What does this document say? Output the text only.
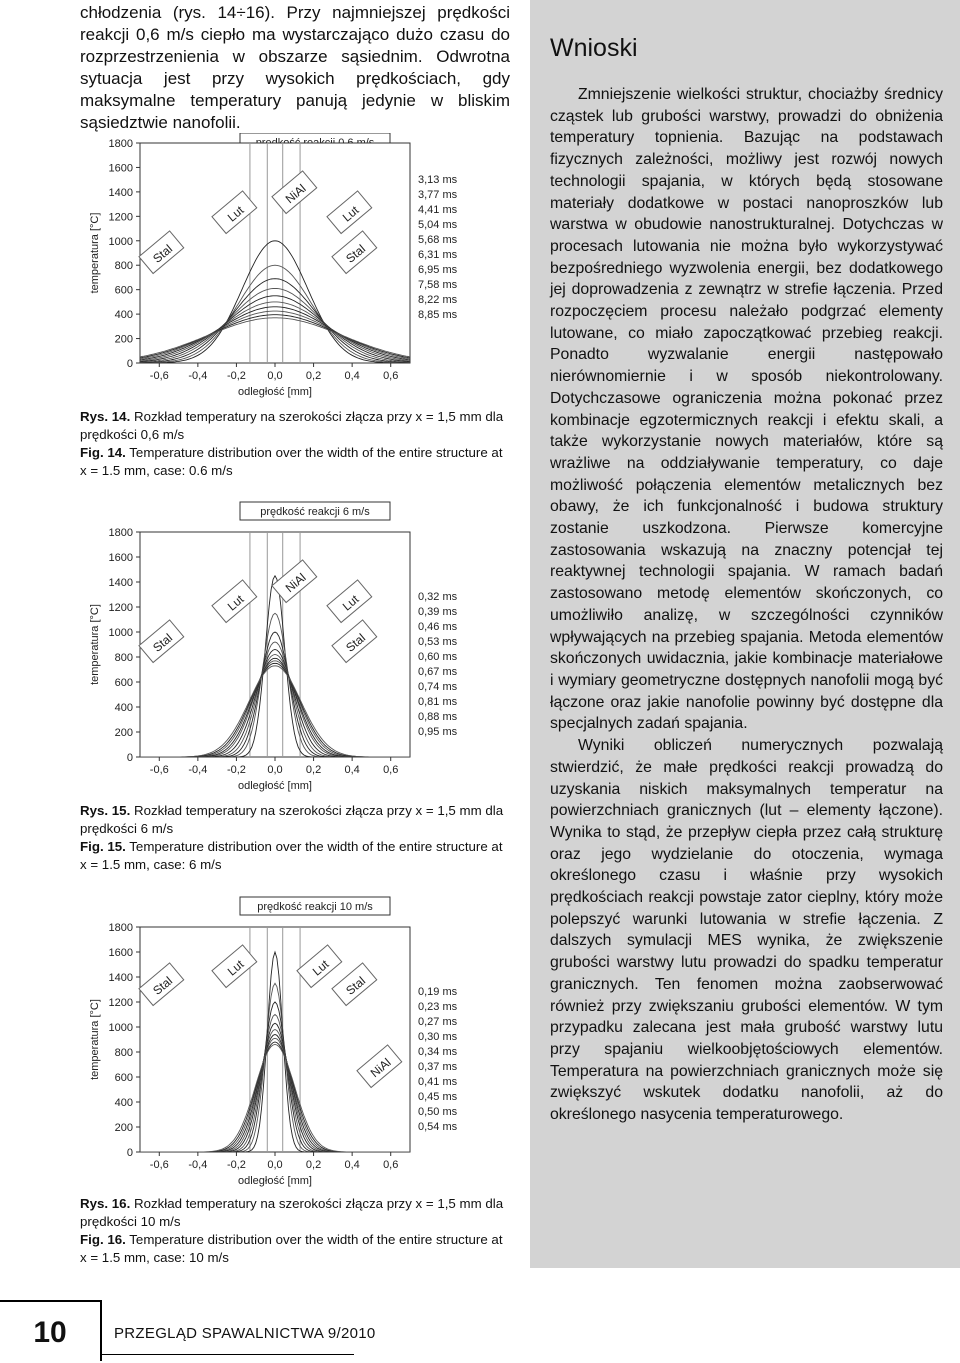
chłodzenia (rys. 14÷16). Przy najmniejszej prędkości reakcji 0,6 m/s ciepło ma wystarczająco dużo czasu do rozprzestrzenienia w obszarze sąsiednim. Odwrotna sytuacja jest przy wysokich prędkościach, gdy maksymalne temperatury panują jedynie w bliskim sąsiedztwie nanofolii.

0
200
400
600
800
1000
1200
1400
1600
1800
-0,6 -0,4 -0,2 0,0 0,2 0,4 0,6
odległość [mm]
temperatura [°C]
3,13 ms
3,77 ms
4,41 ms
5,04 ms
5,68 ms
6,31 ms
6,95 ms
7,58 ms
8,22 ms
8,85 ms
Stal
Lut
NiAl
Lut
Stal

Rys. 14. Rozkład temperatury na szerokości złącza przy x = 1,5 mm dla prędkości 0,6 m/s

Fig. 14. Temperature distribution over the width of the entire structure at x = 1.5 mm, case: 0.6 m/s

prędkość reakcji 6 m/s
0
200
400
600
800
1000
1200
1400
1600
1800
-0,6 -0,4 -0,2 0,0 0,2 0,4 0,6
odległość [mm]
temperatura [°C]
0,32 ms
0,39 ms
0,46 ms
0,53 ms
0,60 ms
0,67 ms
0,74 ms
0,81 ms
0,88 ms
0,95 ms
Stal
Lut
NiAl
Lut
Stal

Rys. 15. Rozkład temperatury na szerokości złącza przy x = 1,5 mm dla prędkości 6 m/s

Fig. 15. Temperature distribution over the width of the entire structure at x = 1.5 mm, case: 6 m/s

prędkość reakcji 10 m/s
0
200
400
600
800
1000
1200
1400
1600
1800
-0,6 -0,4 -0,2 0,0 0,2 0,4 0,6
odległość [mm]
temperatura [°C]
0,19 ms
0,23 ms
0,27 ms
0,30 ms
0,34 ms
0,37 ms
0,41 ms
0,45 ms
0,50 ms
0,54 ms
Stal
Lut	Lut
Stal
NiAl

Rys. 16. Rozkład temperatury na szerokości złącza przy x = 1,5 mm dla prędkości 10 m/s

Fig. 16. Temperature distribution over the width of the entire structure at x = 1.5 mm, case: 10 m/s

Wnioski

Zmniejszenie wielkości struktur, chociażby średnicy cząstek lub grubości warstwy, prowadzi do obniżenia temperatury topnienia. Bazując na podstawach fizycznych zależności, możliwy jest rozwój nowych technologii spajania, w których będą stosowane materiały dodatkowe w postaci nanoproszków lub warstwa w obudowie nanostrukturalnej. Dotychczas w procesach lutowania nie można było wykorzystywać bezpośredniego wyzwolenia energii, bez dodatkowego jej doprowadzenia z zewnątrz w strefie łączenia. Przed rozpoczęciem procesu należało podgrzać elementy lutowane, co miało zapoczątkować przebieg reakcji. Ponadto wyzwalanie energii następowało nierównomiernie i w sposób niekontrolowany. Dotychczasowe ograniczenia można pokonać przez kombinacje egzotermicznych reakcji i efektu skali, a także wykorzystanie nowych materiałów, które są wrażliwe na oddziaływanie temperatury, co daje możliwość połączenia elementów metalicznych bez obawy, że ich funkcjonalność i budowa struktury zostanie uszkodzona. Pierwsze komercyjne zastosowania wskazują na znaczny potencjał tej reaktywnej technologii spajania. W ramach badań zastosowano metodę elementów skończonych, co umożliwiło analizę, w szczególności czynników wpływających na przebieg spajania. Metoda elementów skończonych uwidacznia, jakie kombinacje materiałowe i wymiary geometryczne dostępnych nanofolii mogą być łączone oraz jakie nanofolie powinny być dostępne dla specjalnych zadań spajania.

Wyniki obliczeń numerycznych pozwalają stwierdzić, że małe prędkości reakcji prowadzą do uzyskania niskich maksymalnych temperatur na powierzchniach granicznych (lut – elementy łączone). Wynika to stąd, że przepływ ciepła przez całą strukturę oraz jego wydzielanie do otoczenia, wymaga określonego czasu i właśnie przy wysokich prędkościach reakcji powstaje zator cieplny, który może polepszyć warunki lutowania w strefie łączenia. Z dalszych symulacji MES wynika, że zwiększenie grubości warstwy lutu prowadzi do spadku temperatur granicznych. Ten fenomen można zaobserwować również przy zwiększaniu grubości elementów. W tym przypadku zalecana jest mała grubość warstwy lutu przy spajaniu wielkoobjętościowych elementów. Temperatura na powierzchniach granicznych może się zwiększyć wskutek dodatku nanofolii, aż do określonego nasycenia temperaturowego.

10	PRZEGLĄD SPAWALNICTWA 9/2010
